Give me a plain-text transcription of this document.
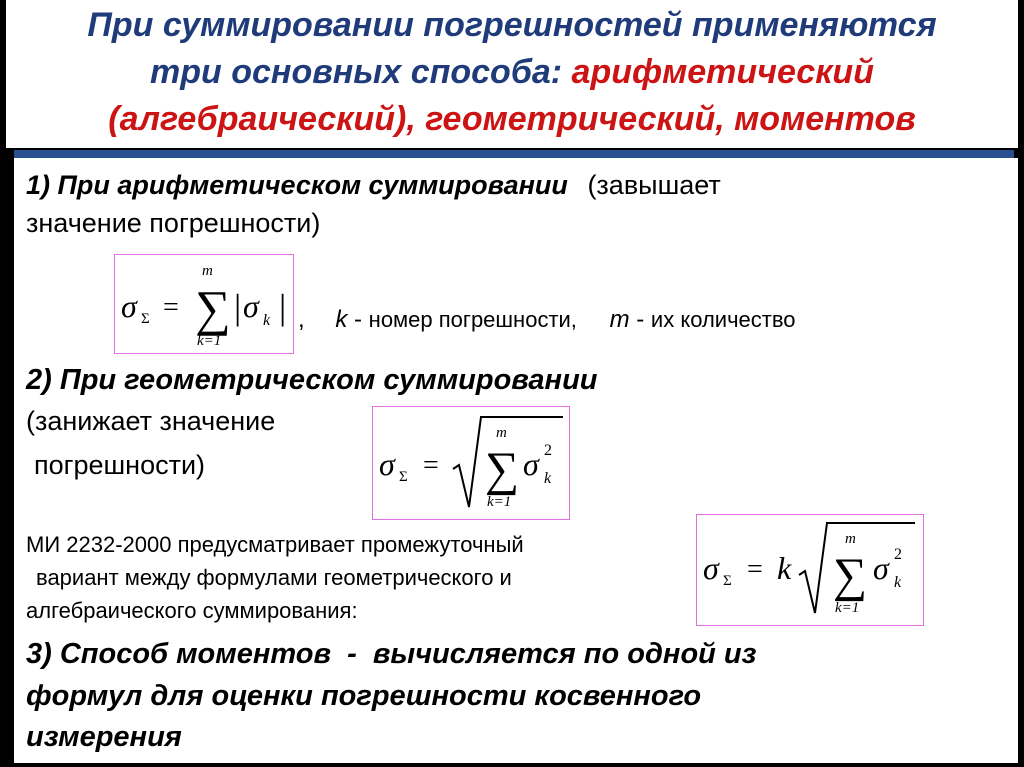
При суммировании погрешностей применяются
три основных способа: арифметический
(алгебраический), геометрический, моментов
1) При арифметическом суммировании (завышает
значение погрешности)
σ Σ =
m
∑
k=1
| σ k | , k - номер погрешности, m - их количество
2) При геометрическом суммировании
(занижает значение
погрешности)	σ Σ =
m
∑
k=1
σ 2
k
МИ 2232-2000 предусматривает промежуточный
вариант между формулами геометрического и
алгебраического суммирования:
σ Σ = k
m
∑
k=1
σ 2
k
3) Способ моментов  -  вычисляется по одной из
формул для оценки погрешности косвенного
измерения
